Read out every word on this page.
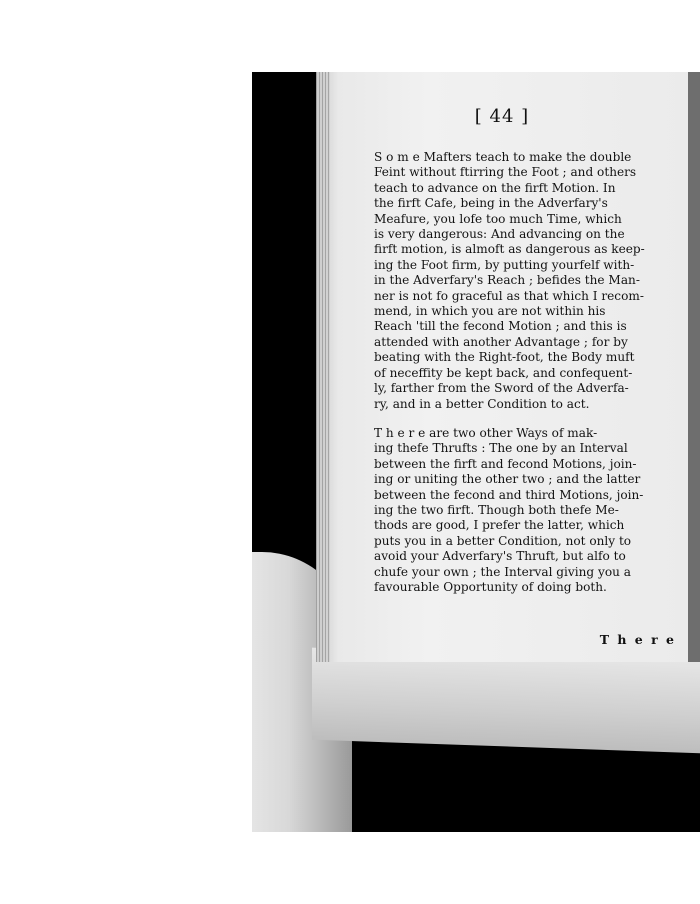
[ 44 ]

S o m e Mafters teach to make the double
Feint without ftirring the Foot ; and others
teach to advance on the firft Motion. In
the firft Cafe, being in the Adverfary's
Meafure, you lofe too much Time, which
is very dangerous: And advancing on the
firft motion, is almoft as dangerous as keep-
ing the Foot firm, by putting yourfelf with-
in the Adverfary's Reach ; befides the Man-
ner is not fo graceful as that which I recom-
mend, in which you are not within his
Reach 'till the fecond Motion ; and this is
attended with another Advantage ; for by
beating with the Right-foot, the Body muft
of neceffity be kept back, and confequent-
ly, farther from the Sword of the Adverfa-
ry, and in a better Condition to act.

T h e r e are two other Ways of mak-
ing thefe Thrufts : The one by an Interval
between the firft and fecond Motions, join-
ing or uniting the other two ; and the latter
between the fecond and third Motions, join-
ing the two firft. Though both thefe Me-
thods are good, I prefer the latter, which
puts you in a better Condition, not only to
avoid your Adverfary's Thruft, but alfo to
chufe your own ; the Interval giving you a
favourable Opportunity of doing both.

T h e r e
